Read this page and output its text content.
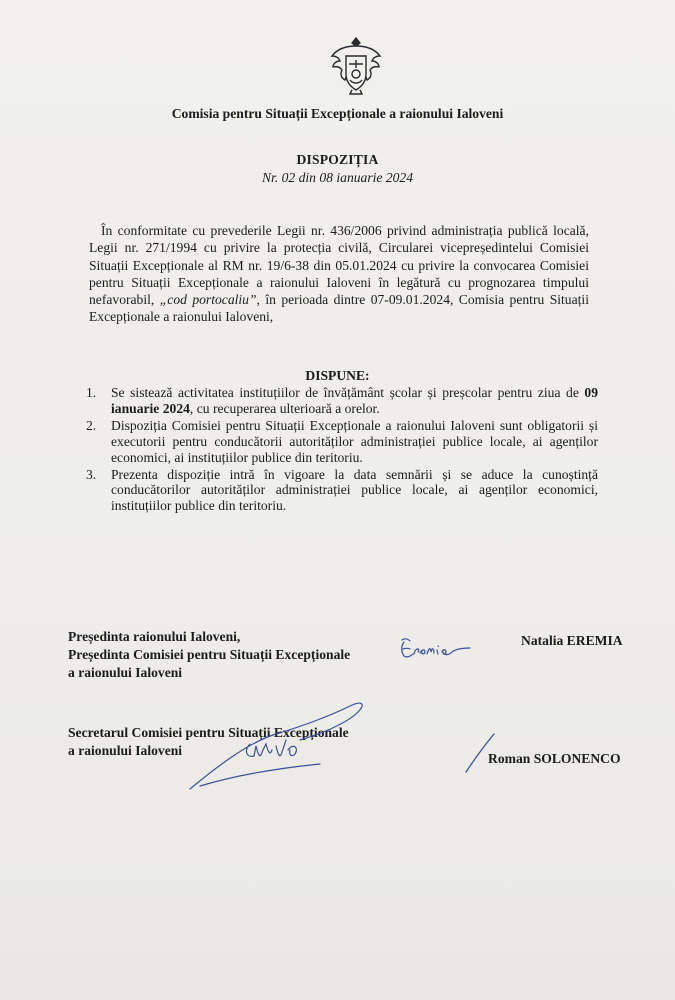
Comisia pentru Situații Excepționale a raionului Ialoveni
DISPOZIȚIA
Nr. 02 din 08 ianuarie 2024
În conformitate cu prevederile Legii nr. 436/2006 privind administrația publică locală, Legii nr. 271/1994 cu privire la protecția civilă, Circularei vicepreședintelui Comisiei Situații Excepționale al RM nr. 19/6-38 din 05.01.2024 cu privire la convocarea Comisiei pentru Situații Excepționale a raionului Ialoveni în legătură cu prognozarea timpului nefavorabil, „cod portocaliu”, în perioada dintre 07-09.01.2024, Comisia pentru Situații Excepționale a raionului Ialoveni,
DISPUNE:
1. Se sistează activitatea instituțiilor de învățământ școlar și preșcolar pentru ziua de 09 ianuarie 2024, cu recuperarea ulterioară a orelor.
2. Dispoziția Comisiei pentru Situații Excepționale a raionului Ialoveni sunt obligatorii și executorii pentru conducătorii autorităților administrației publice locale, ai agenților economici, ai instituțiilor publice din teritoriu.
3. Prezenta dispoziție intră în vigoare la data semnării și se aduce la cunoștință conducătorilor autorităților administrației publice locale, ai agenților economici, instituțiilor publice din teritoriu.
Președinta raionului Ialoveni,
Președinta Comisiei pentru Situații Excepționale
a raionului Ialoveni
Natalia EREMIA
Secretarul Comisiei pentru Situații Excepționale
a raionului Ialoveni
Roman SOLONENCO
